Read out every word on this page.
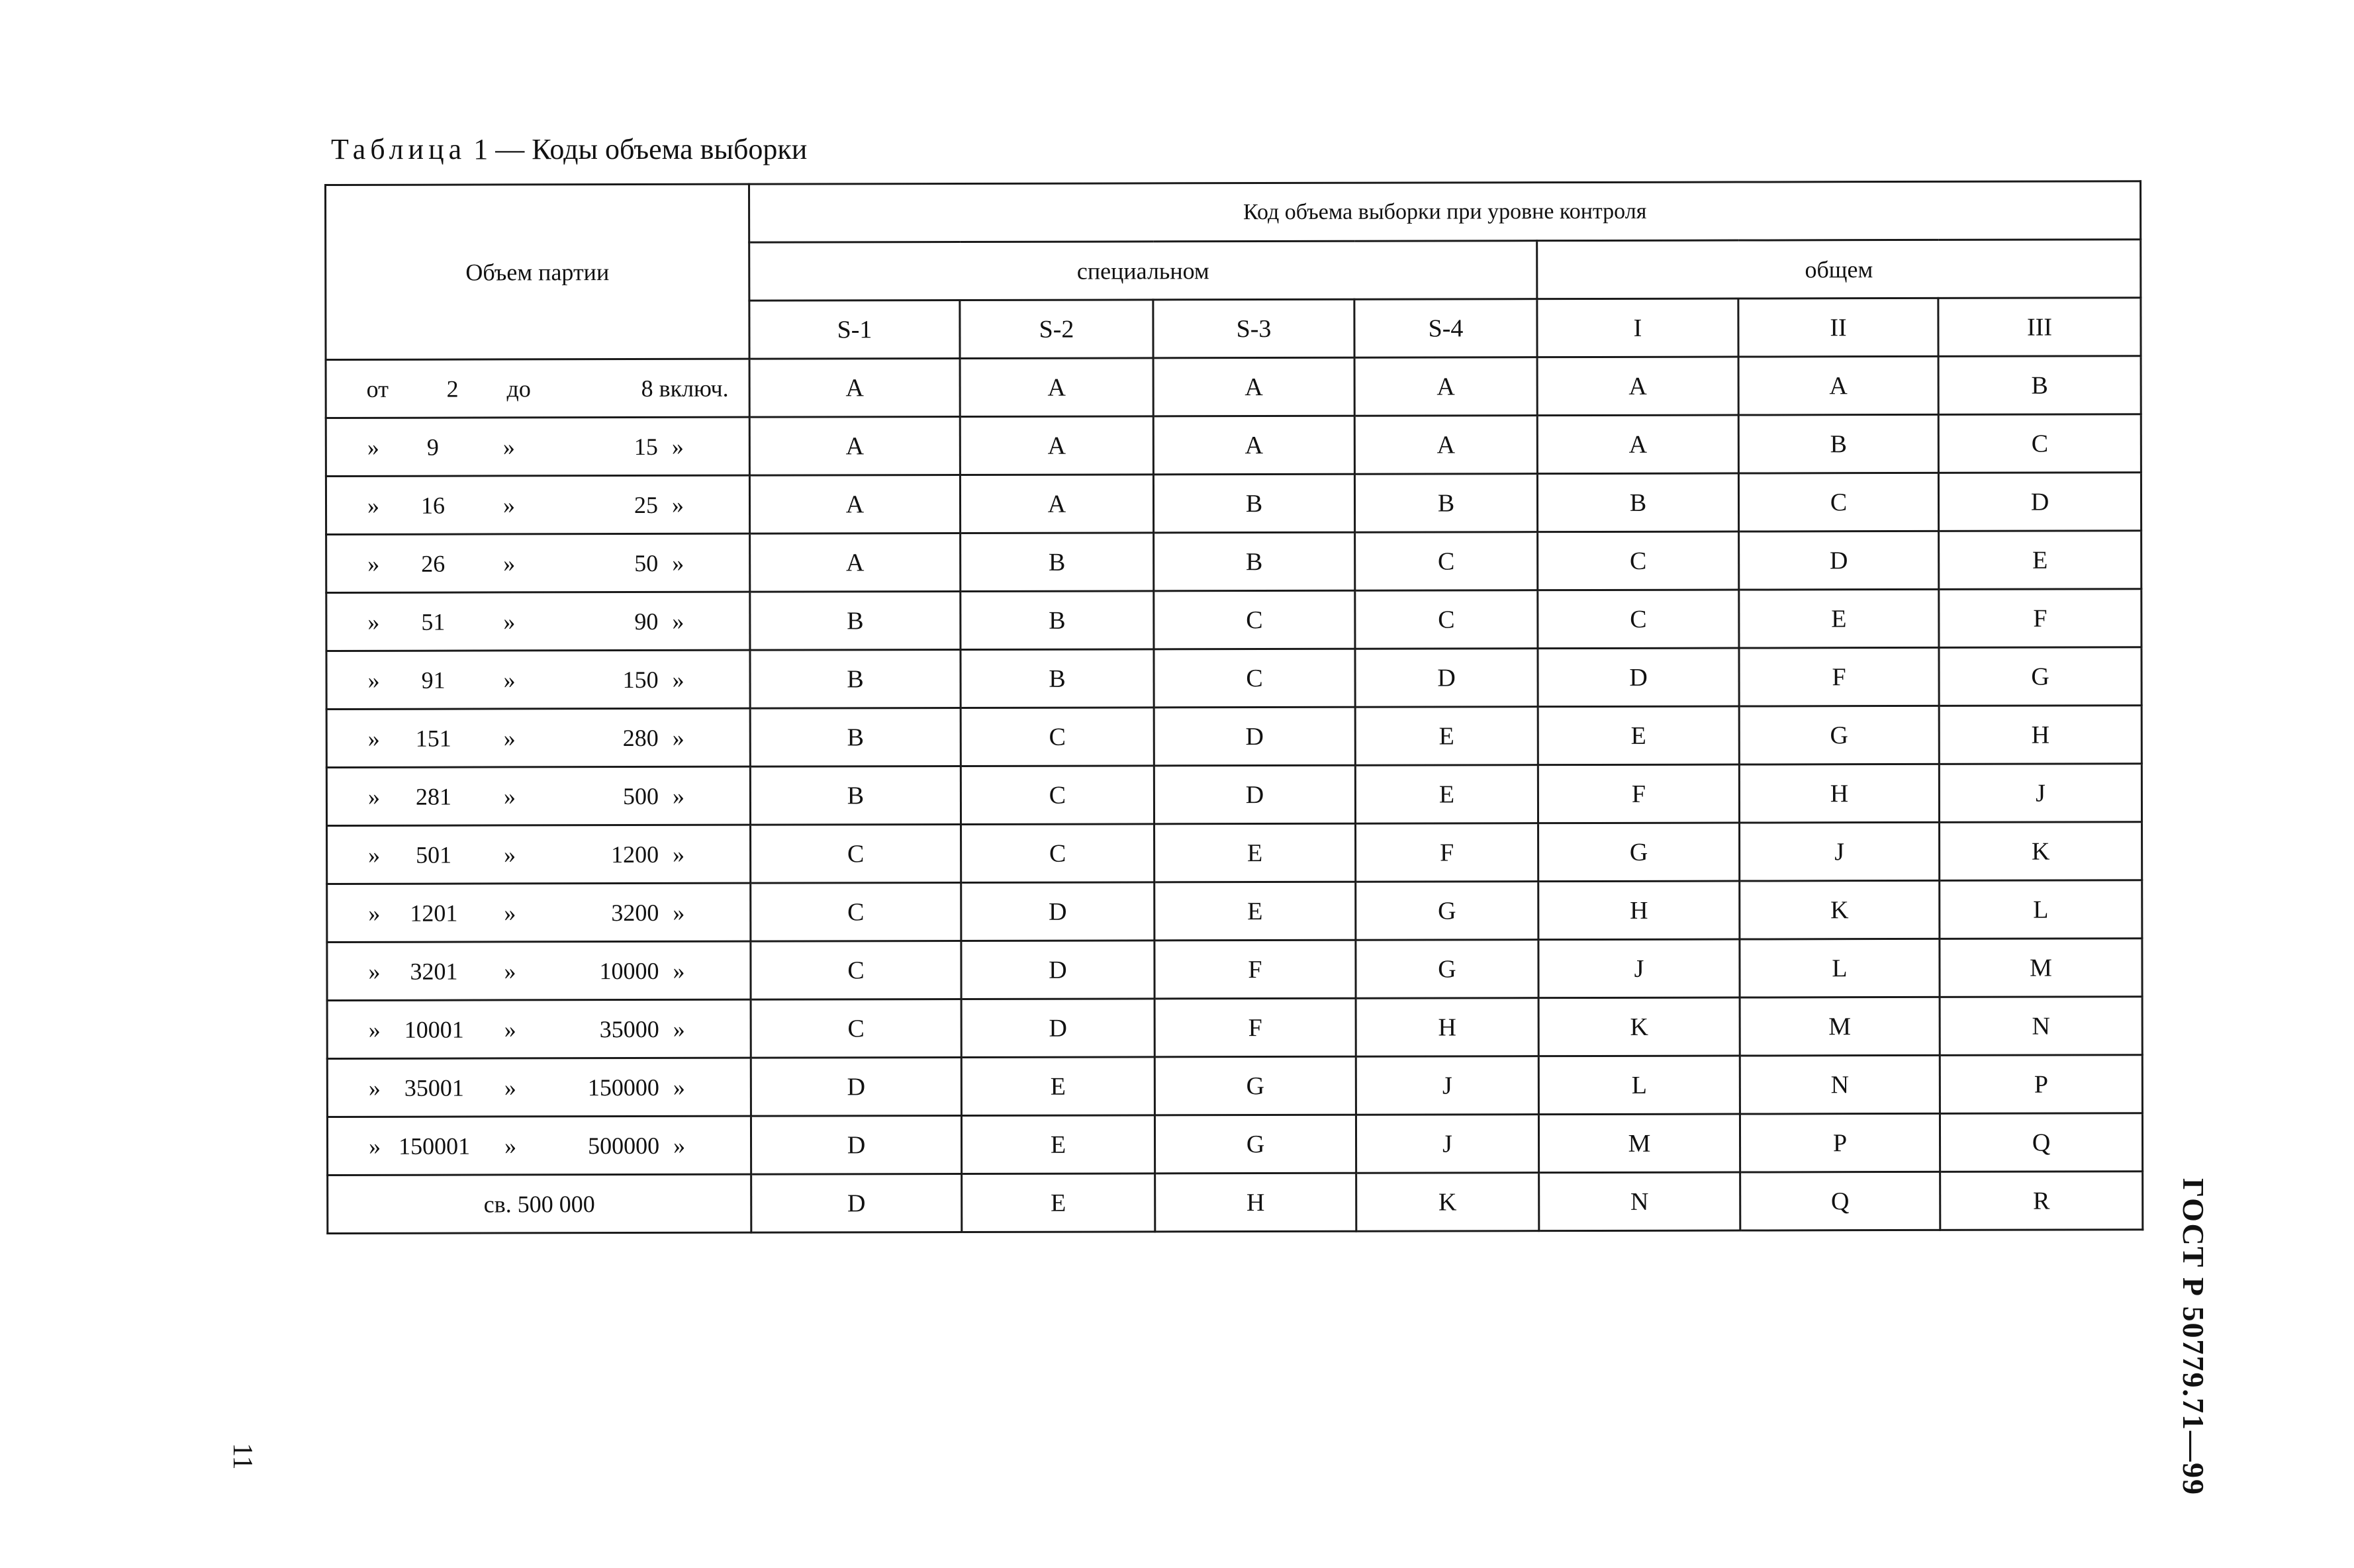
Таблица 1 — Коды объема выборки
Объем партии	Код объема выборки при уровне контроля						
	специальном				общем		
	S-1	S-2	S-3	S-4	I	II	III

от 2 до 8 включ.	A	A	A	A	A	A	B

» 9 » 15 »	A	A	A	A	A	B	C

» 16 » 25 »	A	A	B	B	B	C	D

» 26 » 50 »	A	B	B	C	C	D	E

» 51 » 90 »	B	B	C	C	C	E	F

» 91 » 150 »	B	B	C	D	D	F	G

» 151 » 280 »	B	C	D	E	E	G	H

» 281 » 500 »	B	C	D	E	F	H	J

» 501 » 1200 »	C	C	E	F	G	J	K

» 1201 » 3200 »	C	D	E	G	H	K	L

» 3201 » 10000 »	C	D	F	G	J	L	M

» 10001 » 35000 »	C	D	F	H	K	M	N

» 35001 » 150000 »	D	E	G	J	L	N	P

» 150001 » 500000 »	D	E	G	J	M	P	Q
св. 500 000	D	E	H	K	N	Q	R	ГОСТ Р 50779.71—99
11
